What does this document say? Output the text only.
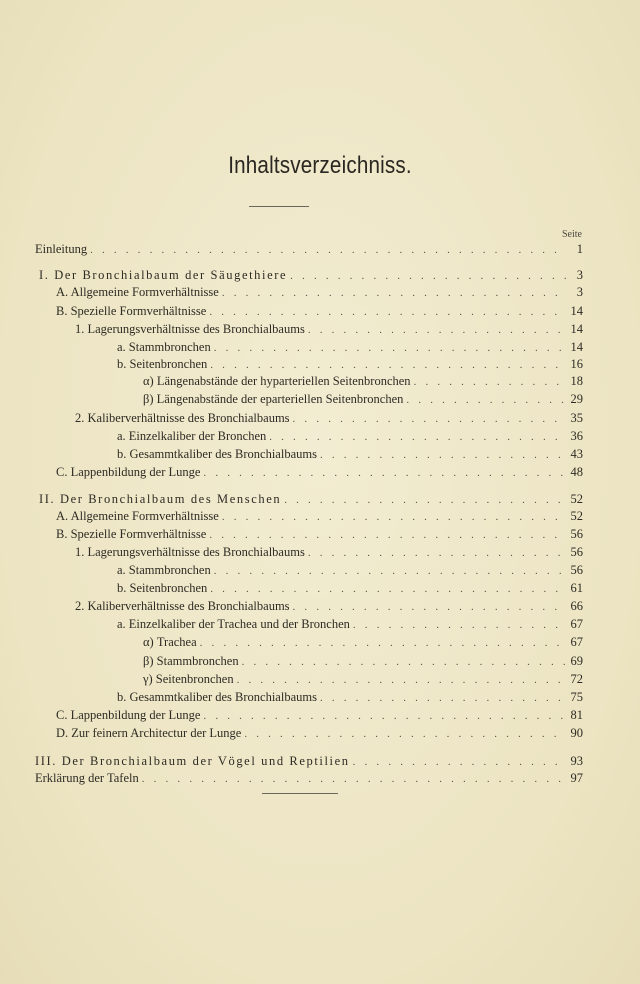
Inhaltsverzeichniss.
Seite
Einleitung . . .	1
I. Der Bronchialbaum der Säugethiere . . .	3
A. Allgemeine Formverhältnisse . . .	3
B. Spezielle Formverhältnisse . . .	14
1. Lagerungsverhältnisse des Bronchialbaums . . .	14
a. Stammbronchen . . .	14
b. Seitenbronchen . . .	16
α) Längenabstände der hyparteriellen Seitenbronchen . . .	18
β) Längenabstände der eparteriellen Seitenbronchen . . .	29
2. Kaliberverhältnisse des Bronchialbaums . . .	35
a. Einzelkaliber der Bronchen . . .	36
b. Gesammtkaliber des Bronchialbaums . . .	43
C. Lappenbildung der Lunge . . .	48
II. Der Bronchialbaum des Menschen . . .	52
A. Allgemeine Formverhältnisse . . .	52
B. Spezielle Formverhältnisse . . .	56
1. Lagerungsverhältnisse des Bronchialbaums . . .	56
a. Stammbronchen . . .	56
b. Seitenbronchen . . .	61
2. Kaliberverhältnisse des Bronchialbaums . . .	66
a. Einzelkaliber der Trachea und der Bronchen . . .	67
α) Trachea . . .	67
β) Stammbronchen . . .	69
γ) Seitenbronchen . . .	72
b. Gesammtkaliber des Bronchialbaums . . .	75
C. Lappenbildung der Lunge . . .	81
D. Zur feinern Architectur der Lunge . . .	90
III. Der Bronchialbaum der Vögel und Reptilien . . .	93
Erklärung der Tafeln . . .	97
